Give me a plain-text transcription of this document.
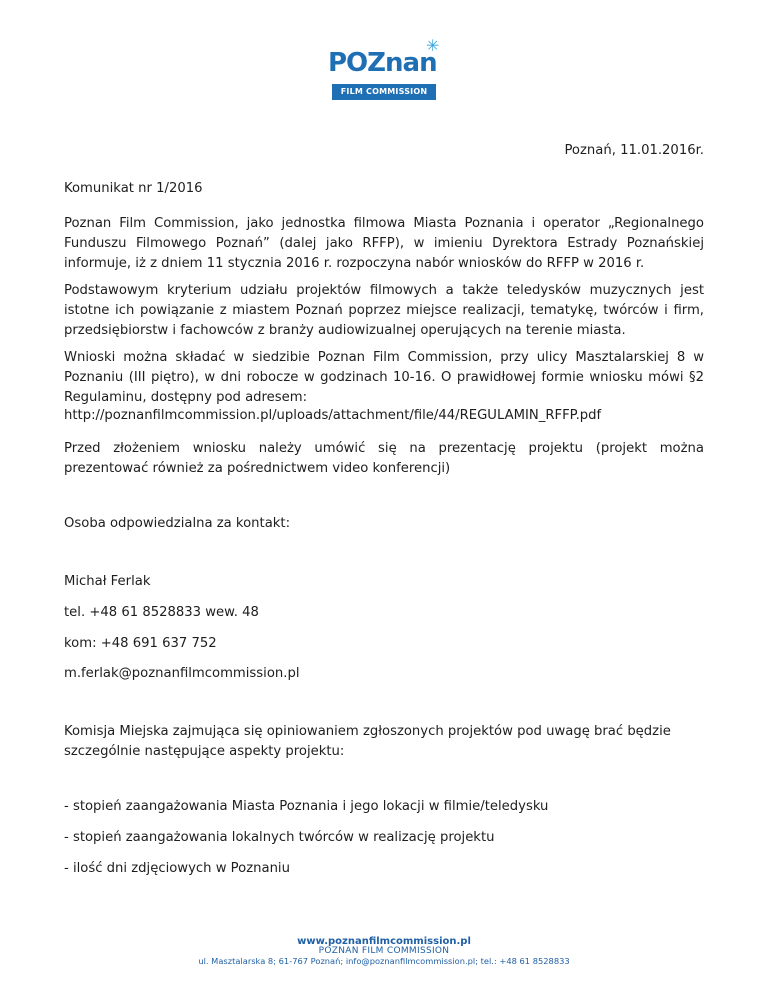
POZnan
✳
FILM COMMISSION

Poznań, 11.01.2016r.

Komunikat nr 1/2016

Poznan Film Commission, jako jednostka filmowa Miasta Poznania i operator „Regionalnego Funduszu Filmowego Poznań” (dalej jako RFFP), w imieniu Dyrektora Estrady Poznańskiej informuje, iż z dniem 11 stycznia 2016 r. rozpoczyna nabór wniosków do RFFP w 2016 r.

Podstawowym kryterium udziału projektów filmowych a także teledysków muzycznych jest istotne ich powiązanie z miastem Poznań poprzez miejsce realizacji, tematykę, twórców i firm, przedsiębiorstw i fachowców z branży audiowizualnej operujących na terenie miasta.

Wnioski można składać w siedzibie Poznan Film Commission, przy ulicy Masztalarskiej 8 w Poznaniu (III piętro), w dni robocze w godzinach 10-16. O prawidłowej formie wniosku mówi §2 Regulaminu, dostępny pod adresem:

http://poznanfilmcommission.pl/uploads/attachment/file/44/REGULAMIN_RFFP.pdf

Przed złożeniem wniosku należy umówić się na prezentację projektu (projekt można prezentować również za pośrednictwem video konferencji)

Osoba odpowiedzialna za kontakt:

Michał Ferlak

tel. +48 61 8528833 wew. 48

kom: +48 691 637 752

m.ferlak@poznanfilmcommission.pl

Komisja Miejska zajmująca się opiniowaniem zgłoszonych projektów pod uwagę brać będzie szczególnie następujące aspekty projektu:

- stopień zaangażowania Miasta Poznania i jego lokacji w filmie/teledysku

- stopień zaangażowania lokalnych twórców w realizację projektu

- ilość dni zdjęciowych w Poznaniu

www.poznanfilmcommission.pl

POZNAN FILM COMMISSION

ul. Masztalarska 8; 61-767 Poznań; info@poznanfilmcommission.pl; tel.: +48 61 8528833
